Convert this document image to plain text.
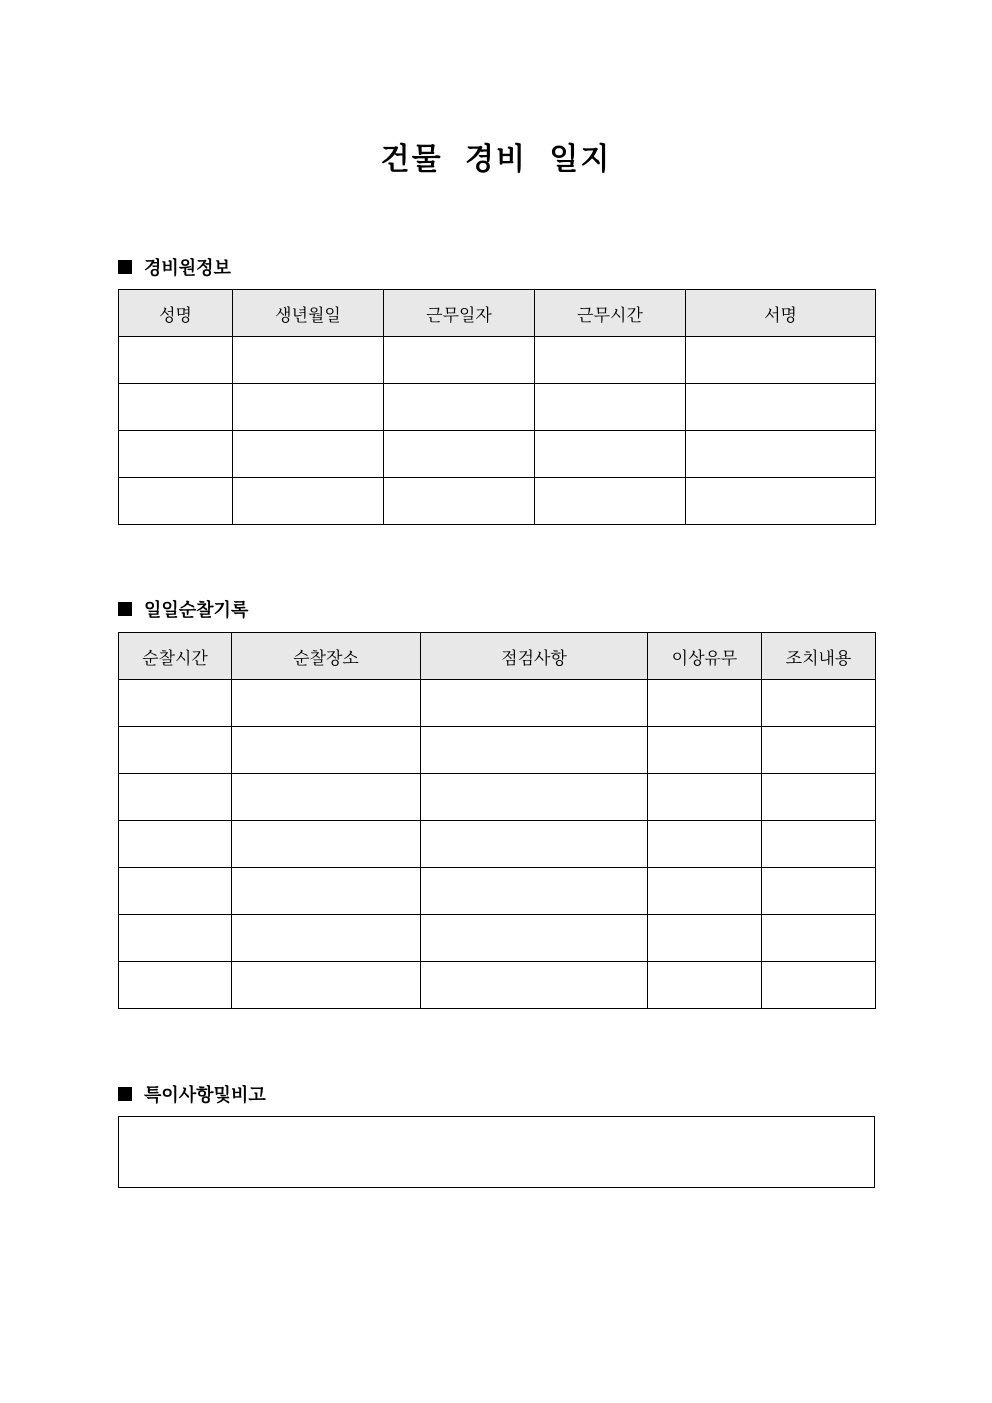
건물 경비 일지
경비원정보
성명	생년월일	근무일자	근무시간	서명

일일순찰기록
순찰시간	순찰장소	점검사항	이상유무	조치내용

특이사항및비고
